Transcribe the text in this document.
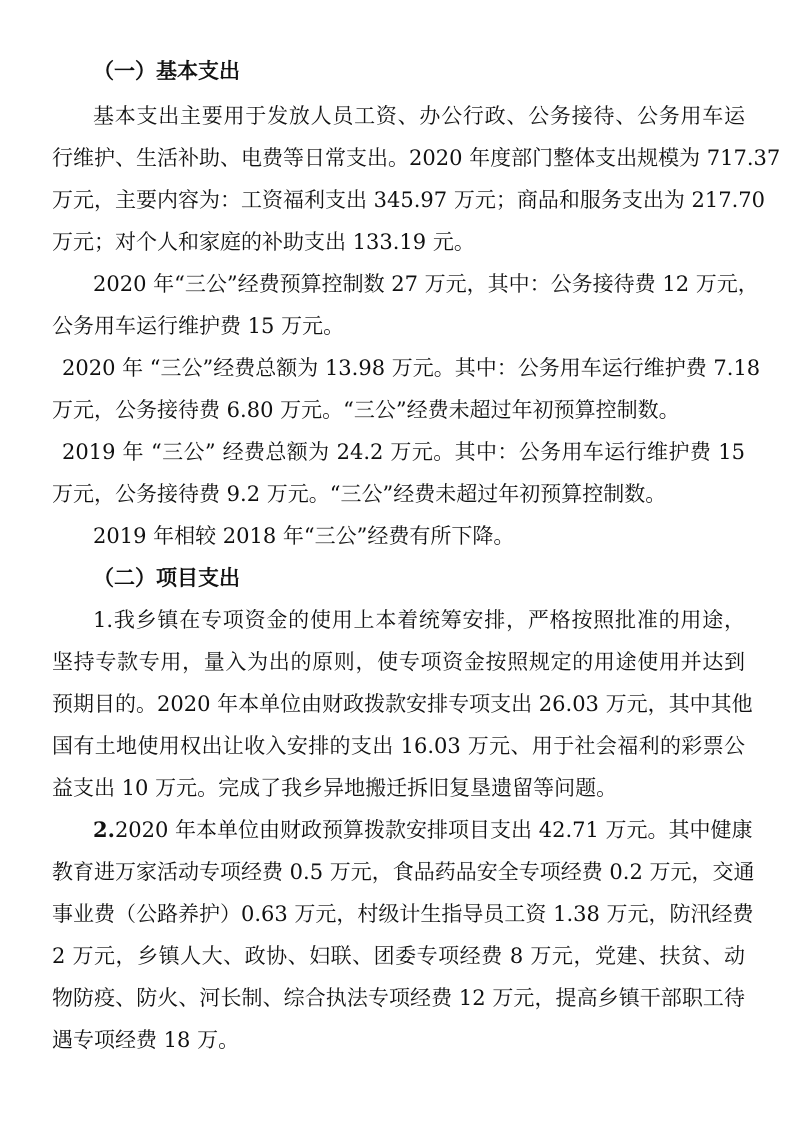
（一）基本支出

基本支出主要用于发放人员工资、办公行政、公务接待、公务用车运

行维护、生活补助、电费等日常支出。2020 年度部门整体支出规模为 717.37

万元，主要内容为：工资福利支出 345.97 万元；商品和服务支出为 217.70

万元；对个人和家庭的补助支出 133.19 元。

2020 年“三公”经费预算控制数 27 万元，其中：公务接待费 12 万元，

公务用车运行维护费 15 万元。

2020 年 “三公”经费总额为 13.98 万元。其中：公务用车运行维护费 7.18

万元，公务接待费 6.80 万元。“三公”经费未超过年初预算控制数。

2019 年 “三公” 经费总额为 24.2 万元。其中：公务用车运行维护费 15

万元，公务接待费 9.2 万元。“三公”经费未超过年初预算控制数。

2019 年相较 2018 年“三公”经费有所下降。

（二）项目支出

1.我乡镇在专项资金的使用上本着统筹安排，严格按照批准的用途，

坚持专款专用，量入为出的原则，使专项资金按照规定的用途使用并达到

预期目的。2020 年本单位由财政拨款安排专项支出 26.03 万元，其中其他

国有土地使用权出让收入安排的支出 16.03 万元、用于社会福利的彩票公

益支出 10 万元。完成了我乡异地搬迁拆旧复垦遗留等问题。

2.2020 年本单位由财政预算拨款安排项目支出 42.71 万元。其中健康

教育进万家活动专项经费 0.5 万元，食品药品安全专项经费 0.2 万元，交通

事业费（公路养护）0.63 万元，村级计生指导员工资 1.38 万元，防汛经费

2 万元，乡镇人大、政协、妇联、团委专项经费 8 万元，党建、扶贫、动

物防疫、防火、河长制、综合执法专项经费 12 万元，提高乡镇干部职工待

遇专项经费 18 万。
